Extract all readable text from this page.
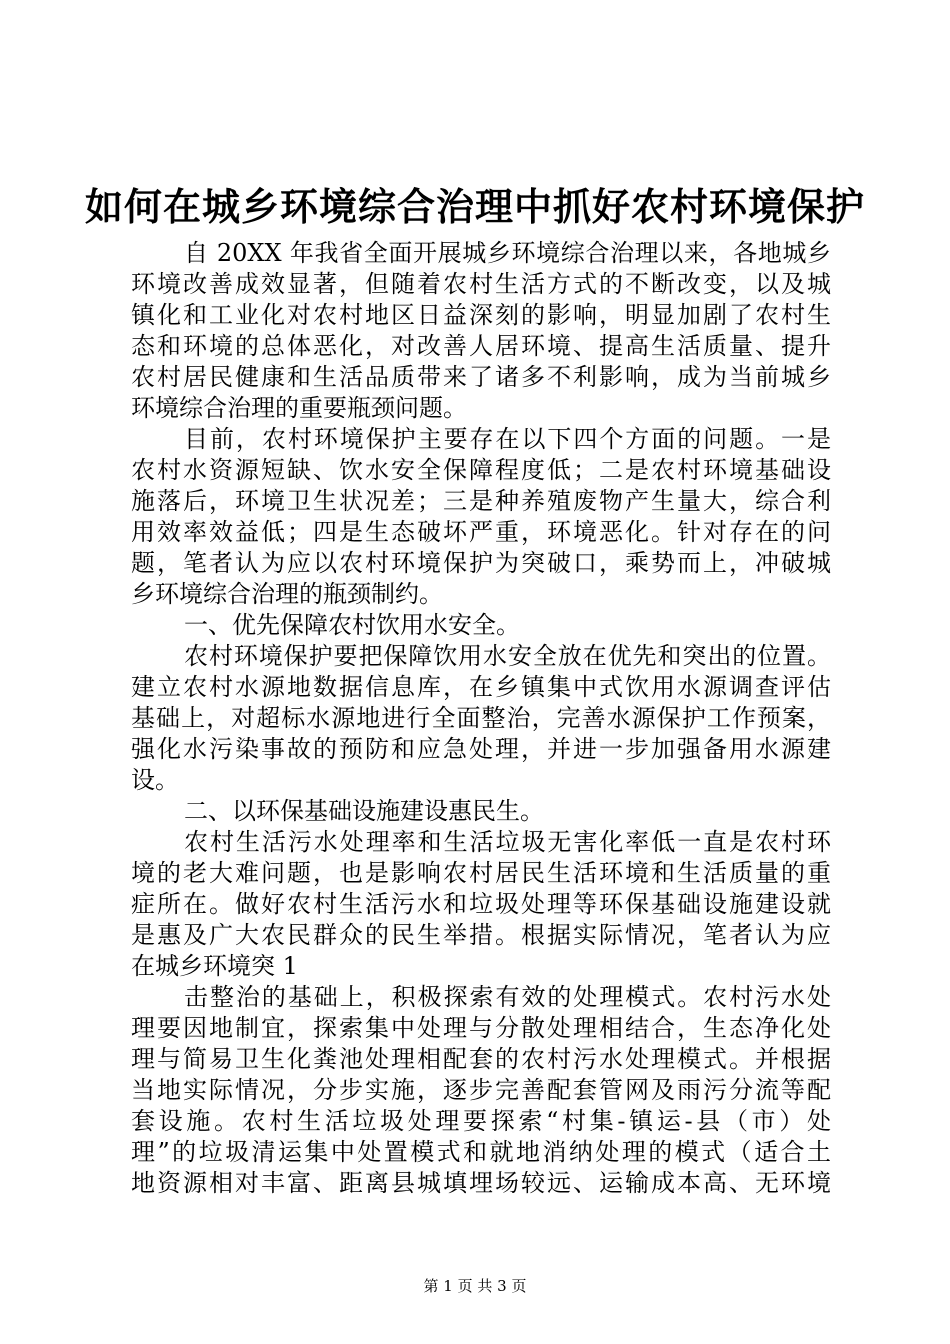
如何在城乡环境综合治理中抓好农村环境保护
自 20XX 年我省全面开展城乡环境综合治理以来，各地城乡
环境改善成效显著，但随着农村生活方式的不断改变，以及城
镇化和工业化对农村地区日益深刻的影响，明显加剧了农村生
态和环境的总体恶化，对改善人居环境、提高生活质量、提升
农村居民健康和生活品质带来了诸多不利影响，成为当前城乡
环境综合治理的重要瓶颈问题。
目前，农村环境保护主要存在以下四个方面的问题。一是
农村水资源短缺、饮水安全保障程度低；二是农村环境基础设
施落后，环境卫生状况差；三是种养殖废物产生量大，综合利
用效率效益低；四是生态破坏严重，环境恶化。针对存在的问
题，笔者认为应以农村环境保护为突破口，乘势而上，冲破城
乡环境综合治理的瓶颈制约。
一、优先保障农村饮用水安全。
农村环境保护要把保障饮用水安全放在优先和突出的位置。
建立农村水源地数据信息库，在乡镇集中式饮用水源调查评估
基础上，对超标水源地进行全面整治，完善水源保护工作预案，
强化水污染事故的预防和应急处理，并进一步加强备用水源建
设。
二、以环保基础设施建设惠民生。
农村生活污水处理率和生活垃圾无害化率低一直是农村环
境的老大难问题，也是影响农村居民生活环境和生活质量的重
症所在。做好农村生活污水和垃圾处理等环保基础设施建设就
是惠及广大农民群众的民生举措。根据实际情况，笔者认为应
在城乡环境突 1
击整治的基础上，积极探索有效的处理模式。农村污水处
理要因地制宜，探索集中处理与分散处理相结合，生态净化处
理与简易卫生化粪池处理相配套的农村污水处理模式。并根据
当地实际情况，分步实施，逐步完善配套管网及雨污分流等配
套设施。农村生活垃圾处理要探索“村集-镇运-县（市）处
理”的垃圾清运集中处置模式和就地消纳处理的模式（适合土
地资源相对丰富、距离县城填埋场较远、运输成本高、无环境
第 1 页 共 3 页
